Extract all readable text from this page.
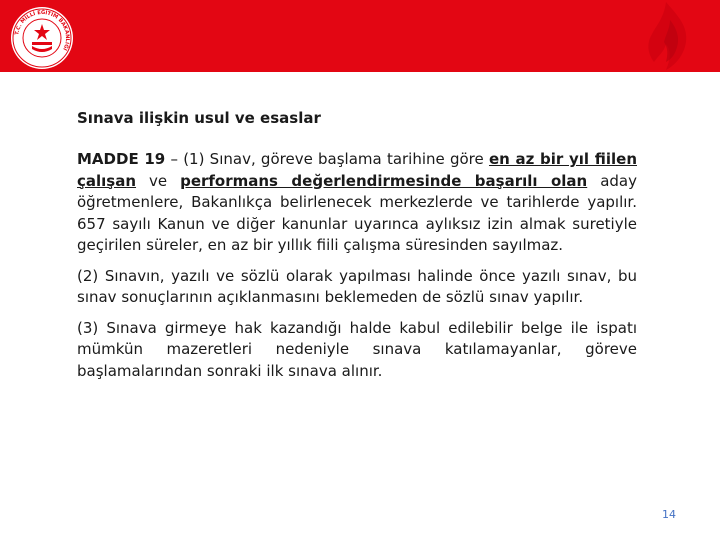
T.C. MİLLİ EĞİTİM BAKANLIĞI
Sınava ilişkin usul ve esaslar

MADDE 19 – (1) Sınav, göreve başlama tarihine göre en az bir yıl fiilen çalışan ve performans değerlendirmesinde başarılı olan aday öğretmenlere, Bakanlıkça belirlenecek merkezlerde ve tarihlerde yapılır. 657 sayılı Kanun ve diğer kanunlar uyarınca aylıksız izin almak suretiyle geçirilen süreler, en az bir yıllık fiili çalışma süresinden sayılmaz.

(2) Sınavın, yazılı ve sözlü olarak yapılması halinde önce yazılı sınav, bu sınav sonuçlarının açıklanmasını beklemeden de sözlü sınav yapılır.

(3) Sınava girmeye hak kazandığı halde kabul edilebilir belge ile ispatı mümkün mazeretleri nedeniyle sınava katılamayanlar, göreve başlamalarından sonraki ilk sınava alınır.

14
